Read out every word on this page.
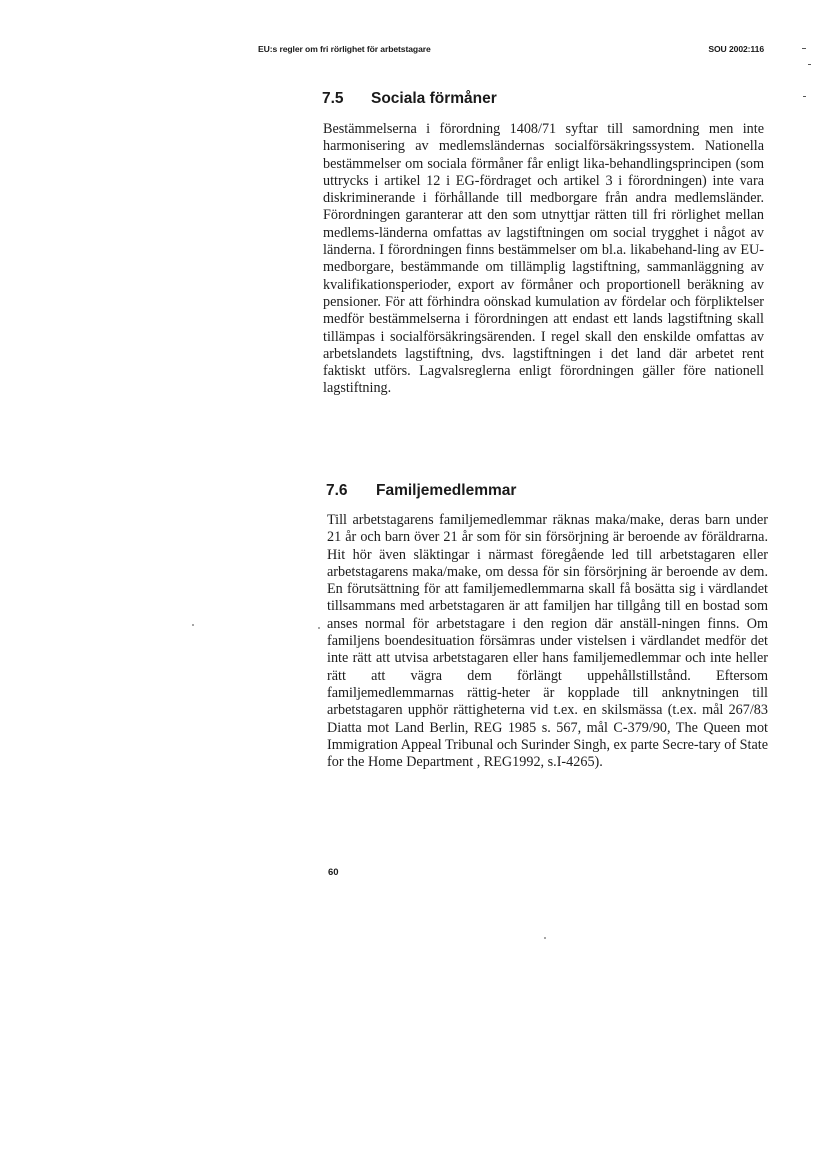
EU:s regler om fri rörlighet för arbetstagare	SOU 2002:116
7.5 Sociala förmåner
Bestämmelserna i förordning 1408/71 syftar till samordning men inte harmonisering av medlemsländernas socialförsäkringssystem. Nationella bestämmelser om sociala förmåner får enligt lika-behandlingsprincipen (som uttrycks i artikel 12 i EG-fördraget och artikel 3 i förordningen) inte vara diskriminerande i förhållande till medborgare från andra medlemsländer. Förordningen garanterar att den som utnyttjar rätten till fri rörlighet mellan medlems-länderna omfattas av lagstiftningen om social trygghet i något av länderna. I förordningen finns bestämmelser om bl.a. likabehand-ling av EU-medborgare, bestämmande om tillämplig lagstiftning, sammanläggning av kvalifikationsperioder, export av förmåner och proportionell beräkning av pensioner. För att förhindra oönskad kumulation av fördelar och förpliktelser medför bestämmelserna i förordningen att endast ett lands lagstiftning skall tillämpas i socialförsäkringsärenden. I regel skall den enskilde omfattas av arbetslandets lagstiftning, dvs. lagstiftningen i det land där arbetet rent faktiskt utförs. Lagvalsreglerna enligt förordningen gäller före nationell lagstiftning.
7.6 Familjemedlemmar
Till arbetstagarens familjemedlemmar räknas maka/make, deras barn under 21 år och barn över 21 år som för sin försörjning är beroende av föräldrarna. Hit hör även släktingar i närmast föregående led till arbetstagaren eller arbetstagarens maka/make, om dessa för sin försörjning är beroende av dem. En förutsättning för att familjemedlemmarna skall få bosätta sig i värdlandet tillsammans med arbetstagaren är att familjen har tillgång till en bostad som anses normal för arbetstagare i den region där anställ-ningen finns. Om familjens boendesituation försämras under vistelsen i värdlandet medför det inte rätt att utvisa arbetstagaren eller hans familjemedlemmar och inte heller rätt att vägra dem förlängt uppehållstillstånd. Eftersom familjemedlemmarnas rättig-heter är kopplade till anknytningen till arbetstagaren upphör rättigheterna vid t.ex. en skilsmässa (t.ex. mål 267/83 Diatta mot Land Berlin, REG 1985 s. 567, mål C-379/90, The Queen mot Immigration Appeal Tribunal och Surinder Singh, ex parte Secre-tary of State for the Home Department , REG1992, s.I-4265).
60
